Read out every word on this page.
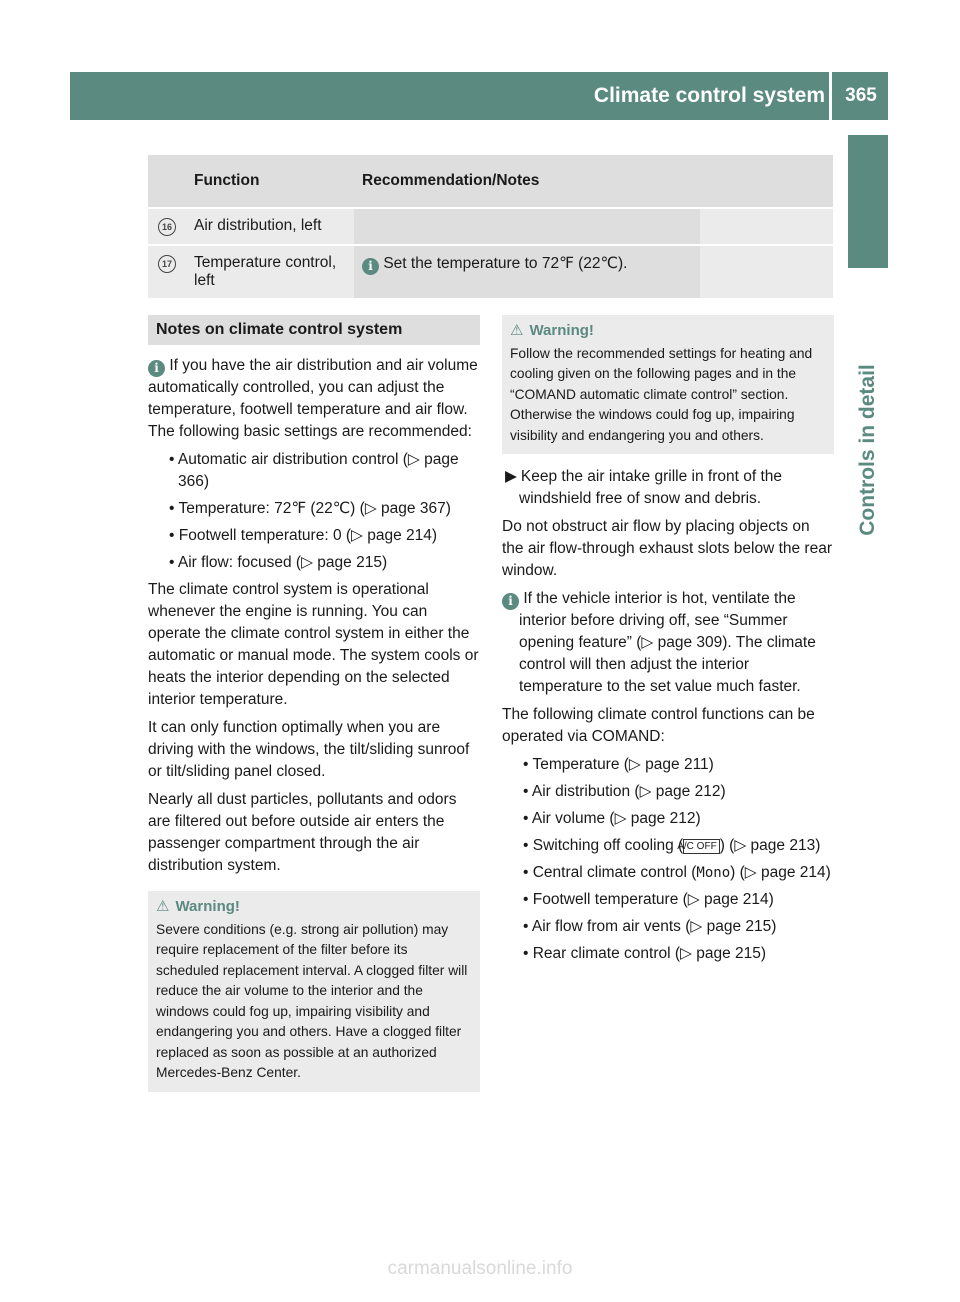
Climate control system	365
Controls in detail
	Function	Recommendation/Notes	
16	Air distribution, left		
17	Temperature control, left	i Set the temperature to 72℉ (22℃).	
Notes on climate control system

i If you have the air distribution and air volume automatically controlled, you can adjust the temperature, footwell temperature and air flow. The following basic settings are recommended:

• Automatic air distribution control (▷ page 366)

• Temperature: 72℉ (22℃) (▷ page 367)

• Footwell temperature: 0 (▷ page 214)

• Air flow: focused (▷ page 215)

The climate control system is operational whenever the engine is running. You can operate the climate control system in either the automatic or manual mode. The system cools or heats the interior depending on the selected interior temperature.

It can only function optimally when you are driving with the windows, the tilt/sliding sunroof or tilt/sliding panel closed.

Nearly all dust particles, pollutants and odors are filtered out before outside air enters the passenger compartment through the air distribution system.

⚠ Warning!
Severe conditions (e.g. strong air pollution) may require replacement of the filter before its scheduled replacement interval. A clogged filter will reduce the air volume to the interior and the windows could fog up, impairing visibility and endangering you and others. Have a clogged filter replaced as soon as possible at an authorized Mercedes-Benz Center.
⚠ Warning!
Follow the recommended settings for heating and cooling given on the following pages and in the “COMAND automatic climate control” section. Otherwise the windows could fog up, impairing visibility and endangering you and others.

▶ Keep the air intake grille in front of the windshield free of snow and debris.

Do not obstruct air flow by placing objects on the air flow-through exhaust slots below the rear window.

i If the vehicle interior is hot, ventilate the interior before driving off, see “Summer opening feature” (▷ page 309). The climate control will then adjust the interior temperature to the set value much faster.

The following climate control functions can be operated via COMAND:

• Temperature (▷ page 211)

• Air distribution (▷ page 212)

• Air volume (▷ page 212)

• Switching off cooling (A/C OFF ) (▷ page 213)

• Central climate control (Mono) (▷ page 214)

• Footwell temperature (▷ page 214)

• Air flow from air vents (▷ page 215)

• Rear climate control (▷ page 215)

carmanualsonline.info
